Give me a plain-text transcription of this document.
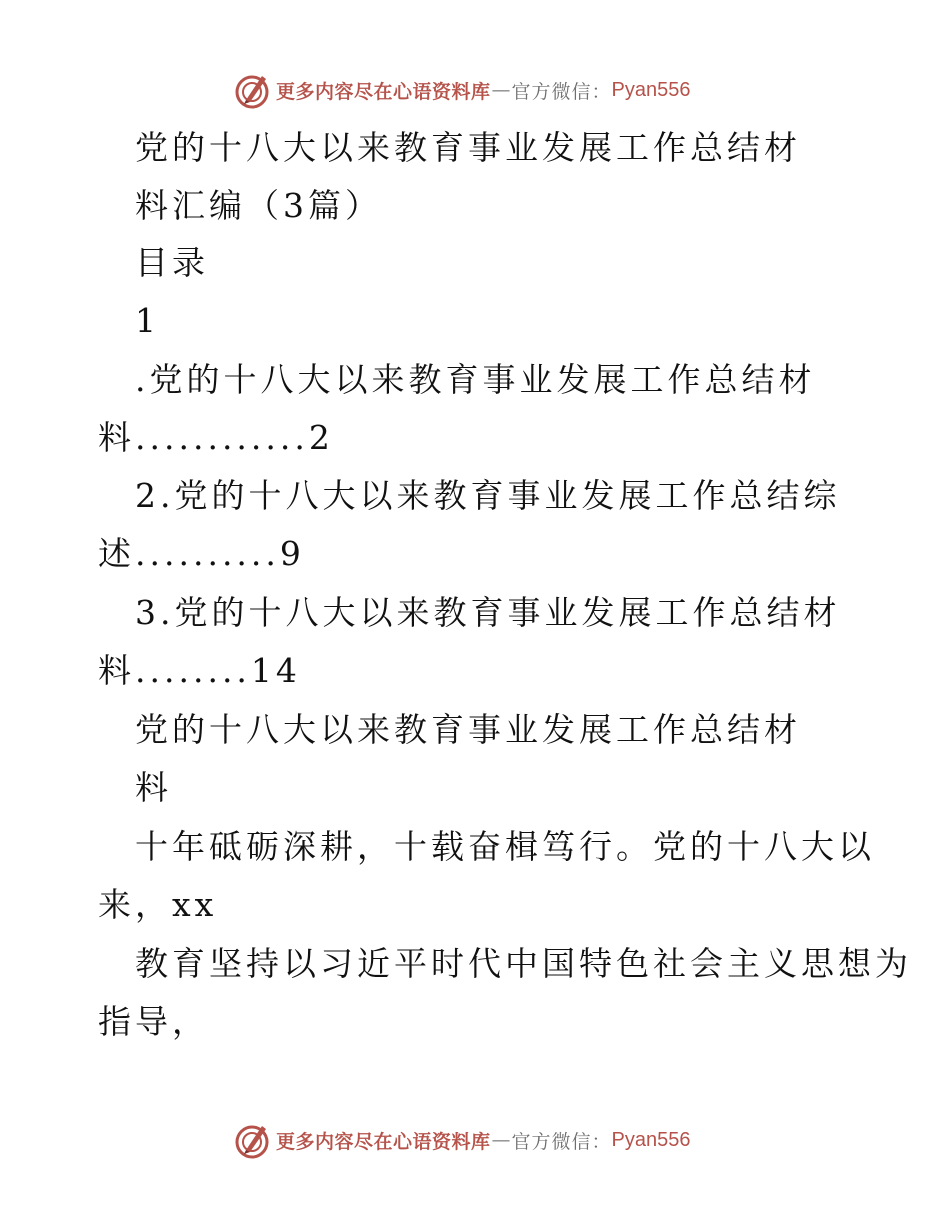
更多内容尽在心语资料库 — 官方微信： Pyan556
党的十八大以来教育事业发展工作总结材
料汇编（3篇）
目录
1
.党的十八大以来教育事业发展工作总结材
料............2
2.党的十八大以来教育事业发展工作总结综
述..........9
3.党的十八大以来教育事业发展工作总结材
料........14
党的十八大以来教育事业发展工作总结材
料
十年砥砺深耕，十载奋楫笃行。党的十八大以
来，xx
教育坚持以习近平时代中国特色社会主义思想为
指导，
更多内容尽在心语资料库 — 官方微信： Pyan556
